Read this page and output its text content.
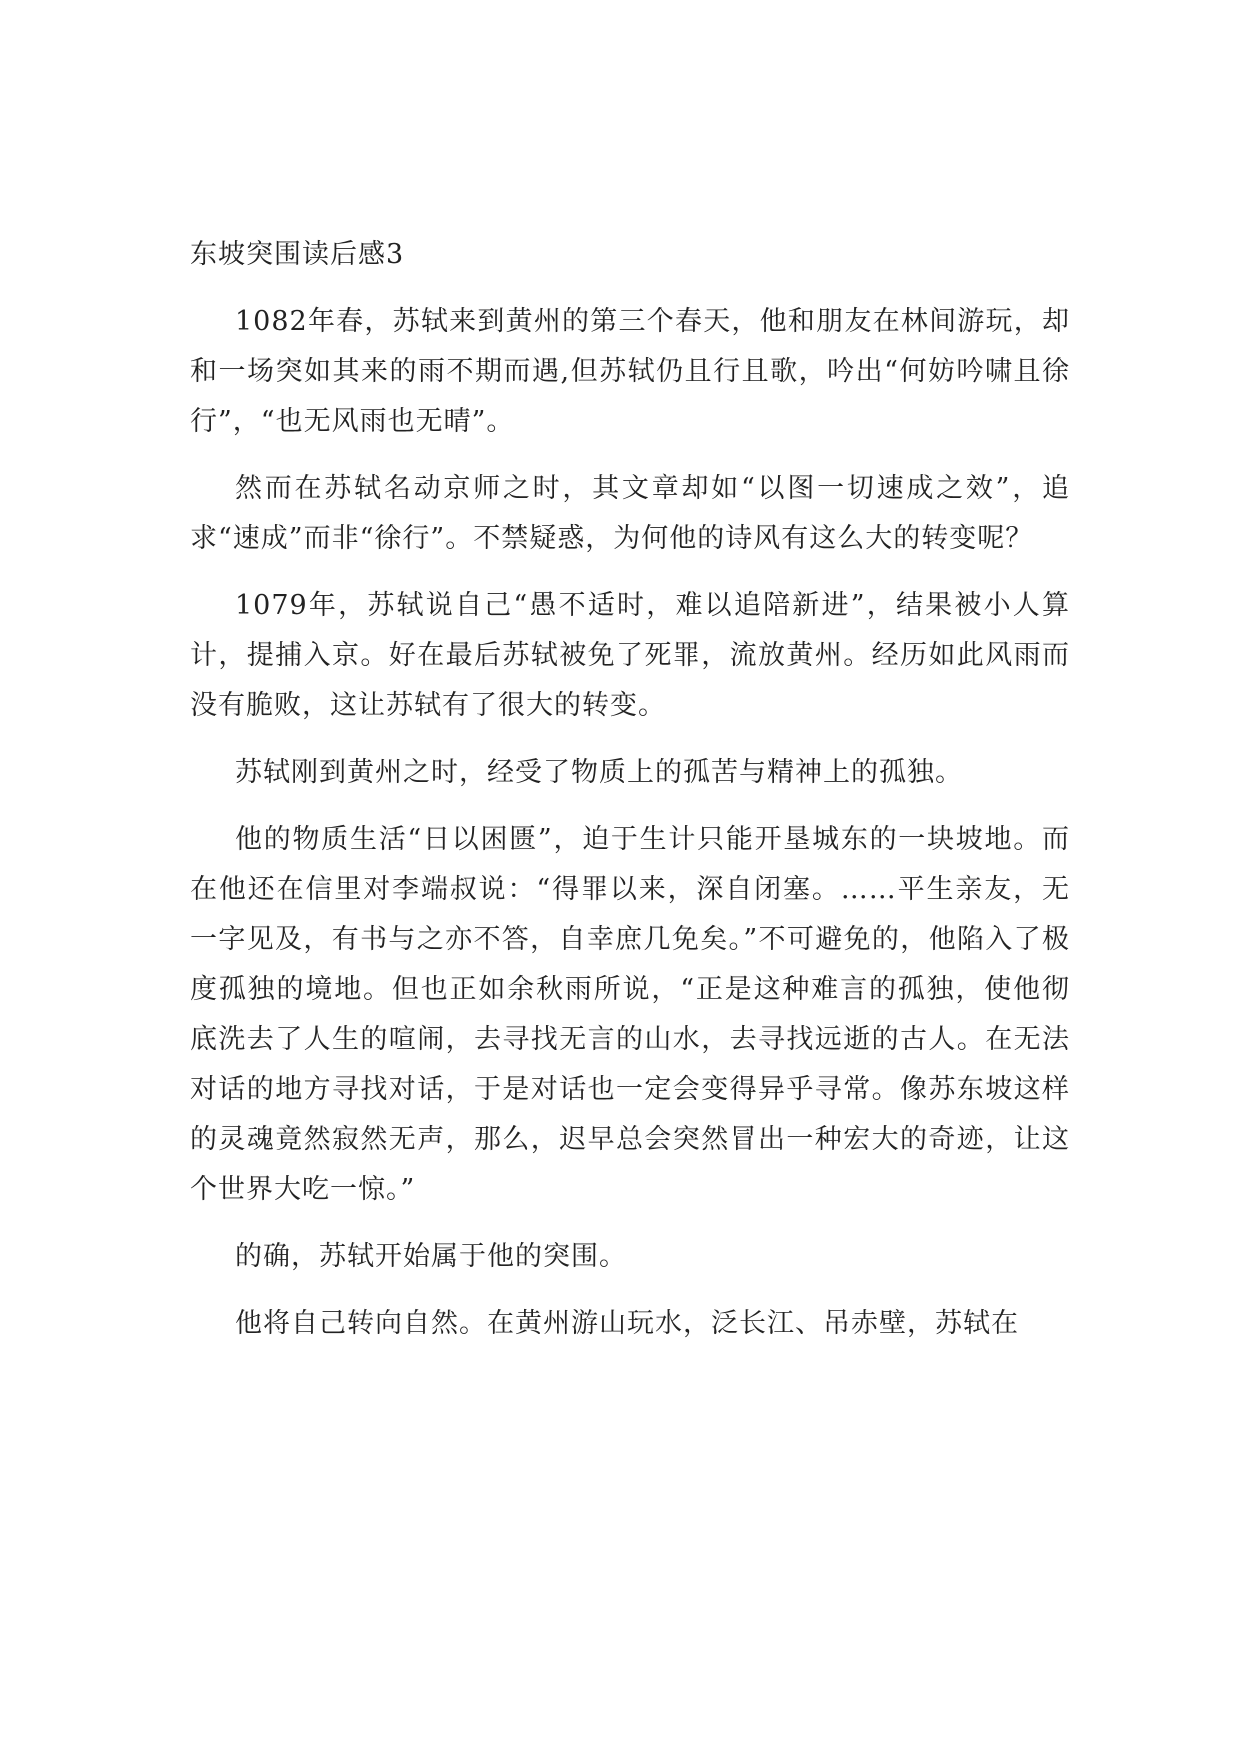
东坡突围读后感3

1082年春，苏轼来到黄州的第三个春天，他和朋友在林间游玩，却和一场突如其来的雨不期而遇,但苏轼仍且行且歌，吟出“何妨吟啸且徐行”，“也无风雨也无晴”。

然而在苏轼名动京师之时，其文章却如“以图一切速成之效”，追求“速成”而非“徐行”。不禁疑惑，为何他的诗风有这么大的转变呢？

1079年，苏轼说自己“愚不适时，难以追陪新进”，结果被小人算计，提捕入京。好在最后苏轼被免了死罪，流放黄州。经历如此风雨而没有脆败，这让苏轼有了很大的转变。

苏轼刚到黄州之时，经受了物质上的孤苦与精神上的孤独。

他的物质生活“日以困匮”，迫于生计只能开垦城东的一块坡地。而在他还在信里对李端叔说：“得罪以来，深自闭塞。……平生亲友，无一字见及，有书与之亦不答，自幸庶几免矣。”不可避免的，他陷入了极度孤独的境地。但也正如余秋雨所说，“正是这种难言的孤独，使他彻底洗去了人生的喧闹，去寻找无言的山水，去寻找远逝的古人。在无法对话的地方寻找对话，于是对话也一定会变得异乎寻常。像苏东坡这样的灵魂竟然寂然无声，那么，迟早总会突然冒出一种宏大的奇迹，让这个世界大吃一惊。”

的确，苏轼开始属于他的突围。

他将自己转向自然。在黄州游山玩水，泛长江、吊赤壁，苏轼在
